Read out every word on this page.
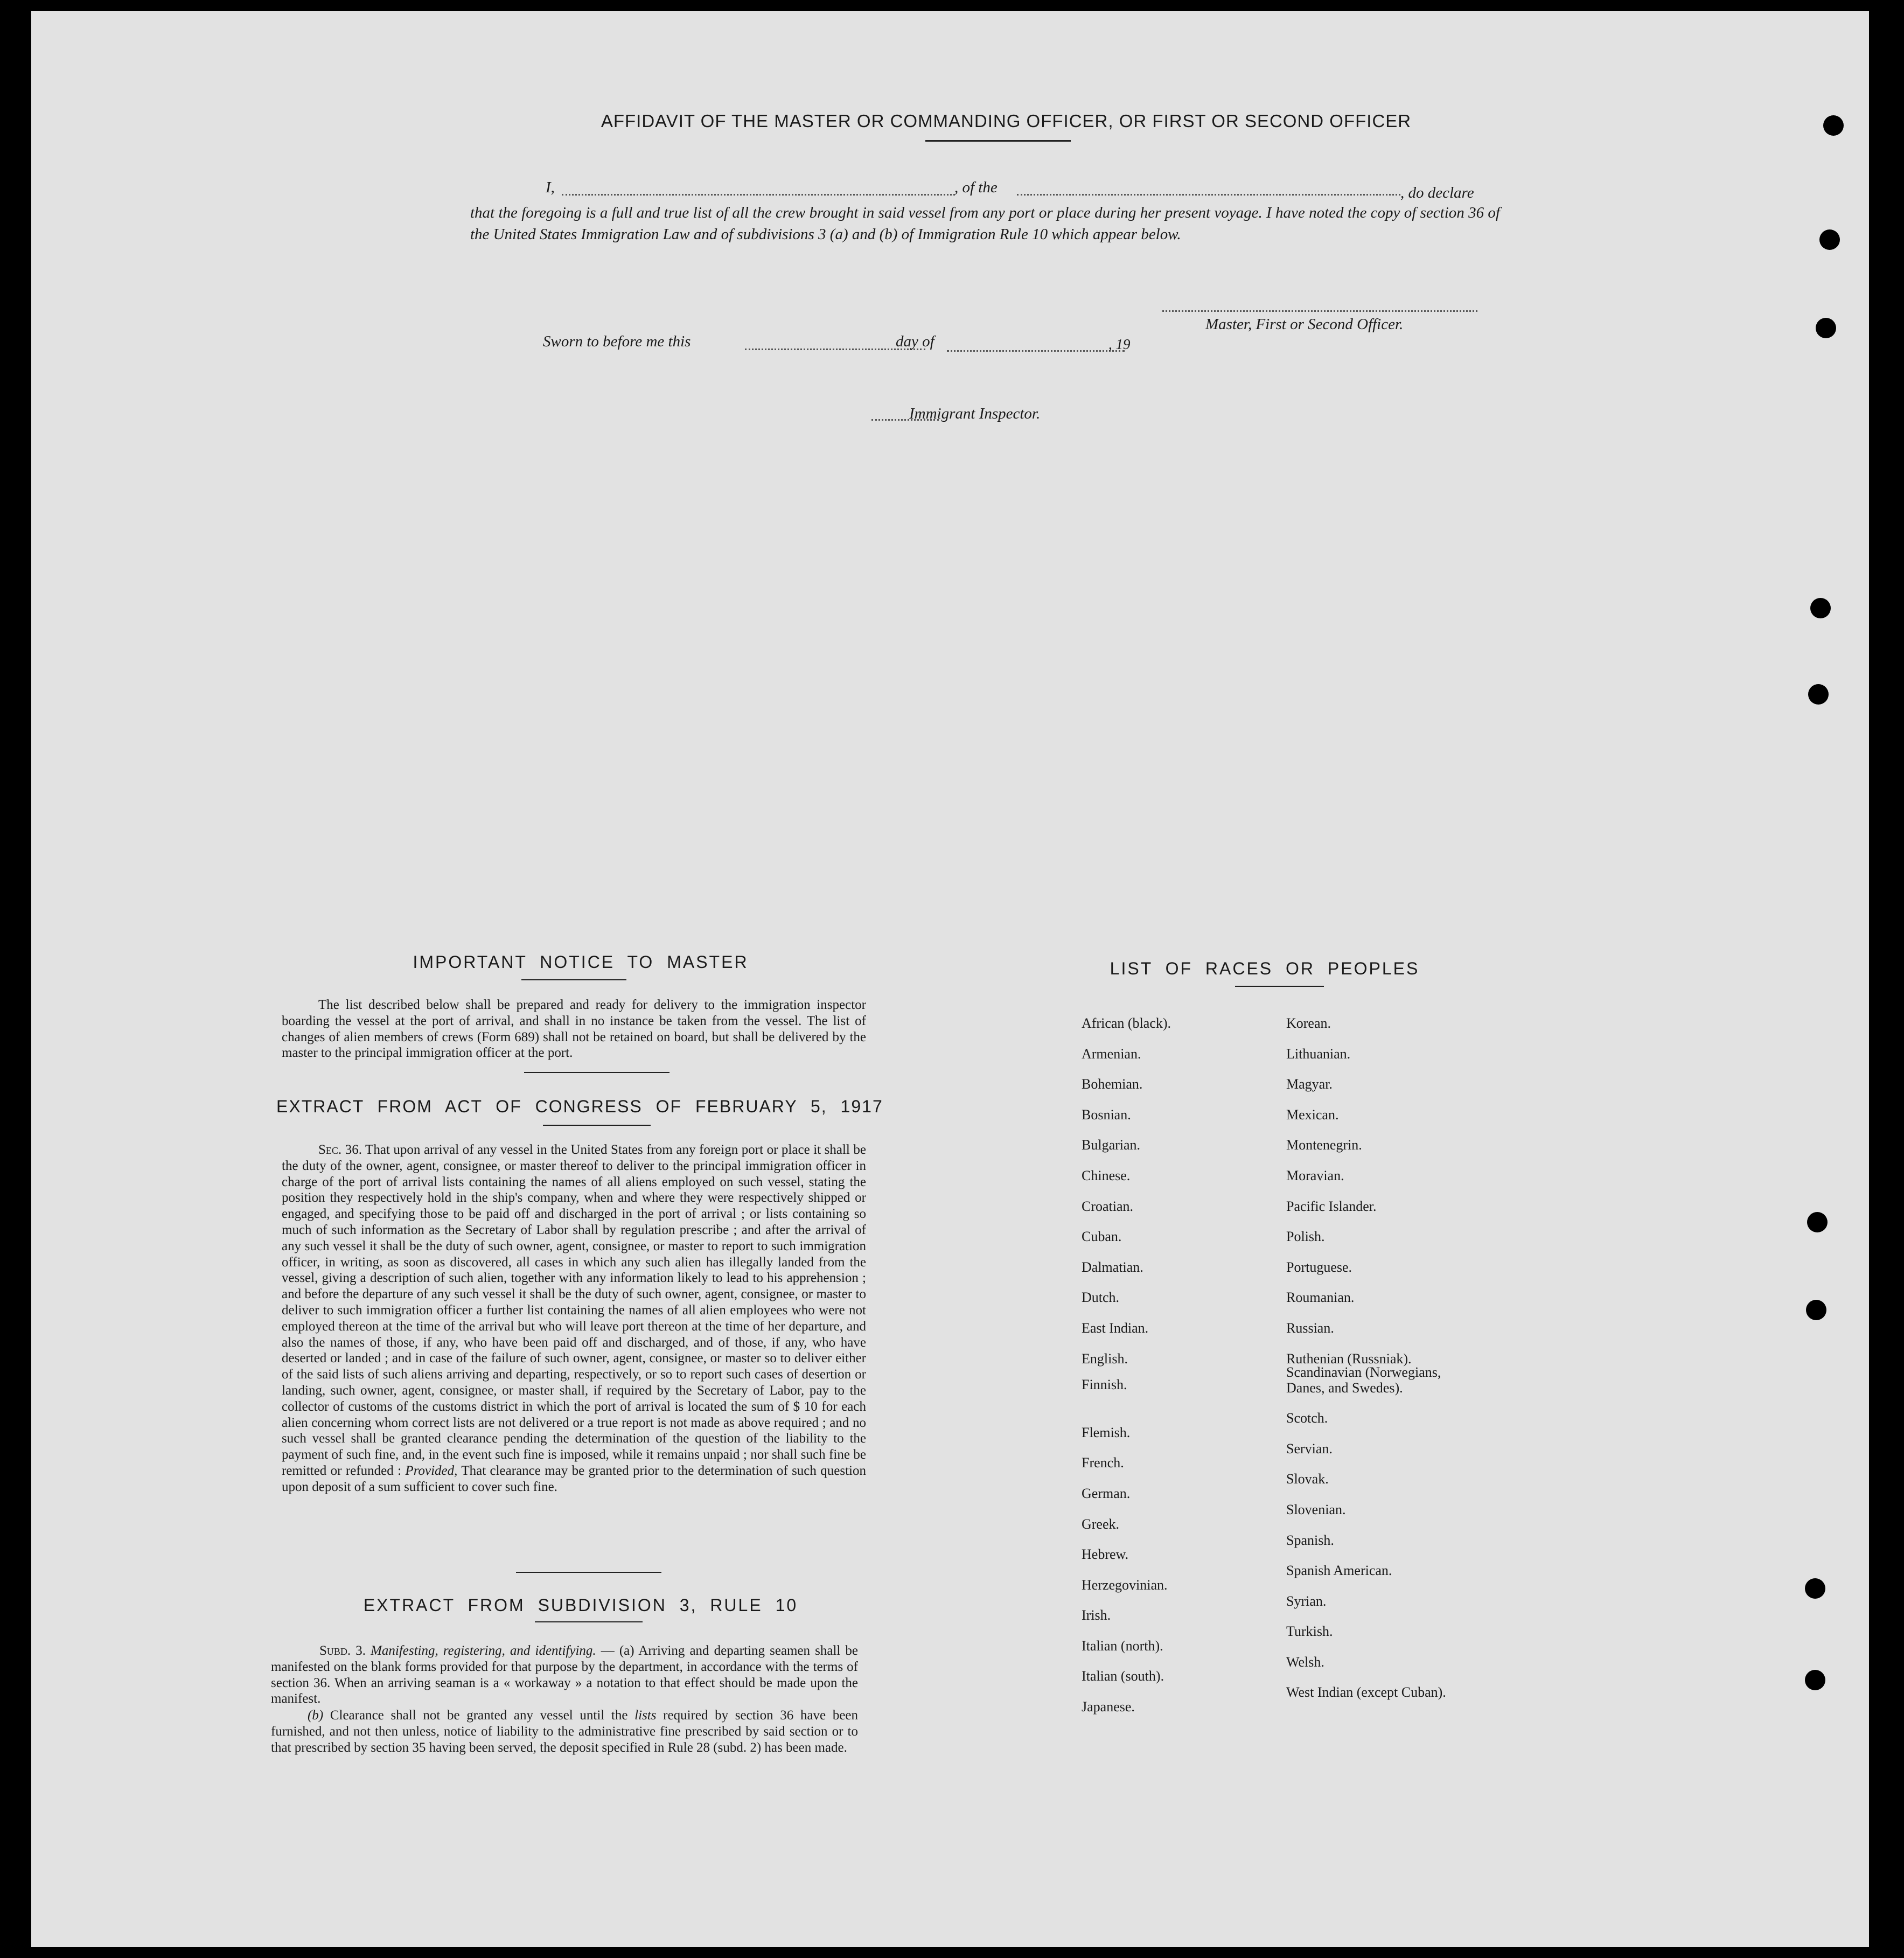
AFFIDAVIT OF THE MASTER OR COMMANDING OFFICER, OR FIRST OR SECOND OFFICER
I,	, of the	, do declare
that the foregoing is a full and true list of all the crew brought in said vessel from any port or place during her present voyage. I have noted the copy of section 36 of the United States Immigration Law and of subdivisions 3 (a) and (b) of Immigration Rule 10 which appear below.
Master, First or Second Officer.
Sworn to before me this	day of	, 19
Immigrant Inspector.
IMPORTANT NOTICE TO MASTER
The list described below shall be prepared and ready for delivery to the immigration inspector boarding the vessel at the port of arrival, and shall in no instance be taken from the vessel. The list of changes of alien members of crews (Form 689) shall not be retained on board, but shall be delivered by the master to the principal immigration officer at the port.
EXTRACT FROM ACT OF CONGRESS OF FEBRUARY 5, 1917
Sec. 36. That upon arrival of any vessel in the United States from any foreign port or place it shall be the duty of the owner, agent, consignee, or master thereof to deliver to the principal immigration officer in charge of the port of arrival lists containing the names of all aliens employed on such vessel, stating the position they respectively hold in the ship's company, when and where they were respectively shipped or engaged, and specifying those to be paid off and discharged in the port of arrival ; or lists containing so much of such information as the Secretary of Labor shall by regulation prescribe ; and after the arrival of any such vessel it shall be the duty of such owner, agent, consignee, or master to report to such immigration officer, in writing, as soon as discovered, all cases in which any such alien has illegally landed from the vessel, giving a description of such alien, together with any information likely to lead to his apprehension ; and before the departure of any such vessel it shall be the duty of such owner, agent, consignee, or master to deliver to such immigration officer a further list containing the names of all alien employees who were not employed thereon at the time of the arrival but who will leave port thereon at the time of her departure, and also the names of those, if any, who have been paid off and discharged, and of those, if any, who have deserted or landed ; and in case of the failure of such owner, agent, consignee, or master so to deliver either of the said lists of such aliens arriving and departing, respectively, or so to report such cases of desertion or landing, such owner, agent, consignee, or master shall, if required by the Secretary of Labor, pay to the collector of customs of the customs district in which the port of arrival is located the sum of $ 10 for each alien concerning whom correct lists are not delivered or a true report is not made as above required ; and no such vessel shall be granted clearance pending the determination of the question of the liability to the payment of such fine, and, in the event such fine is imposed, while it remains unpaid ; nor shall such fine be remitted or refunded : Provided, That clearance may be granted prior to the determination of such question upon deposit of a sum sufficient to cover such fine.
EXTRACT FROM SUBDIVISION 3, RULE 10
Subd. 3. Manifesting, registering, and identifying. — (a) Arriving and departing seamen shall be manifested on the blank forms provided for that purpose by the department, in accordance with the terms of section 36. When an arriving seaman is a « workaway » a notation to that effect should be made upon the manifest.
(b) Clearance shall not be granted any vessel until the lists required by section 36 have been furnished, and not then unless, notice of liability to the administrative fine prescribed by said section or to that prescribed by section 35 having been served, the deposit specified in Rule 28 (subd. 2) has been made.
LIST OF RACES OR PEOPLES
African (black).
Armenian.
Bohemian.
Bosnian.
Bulgarian.
Chinese.
Croatian.
Cuban.
Dalmatian.
Dutch.
East Indian.
English.
Finnish.
Flemish.
French.
German.
Greek.
Hebrew.
Herzegovinian.
Irish.
Italian (north).
Italian (south).
Japanese.
Korean.
Lithuanian.
Magyar.
Mexican.
Montenegrin.
Moravian.
Pacific Islander.
Polish.
Portuguese.
Roumanian.
Russian.
Ruthenian (Russniak).
Scandinavian (Norwegians, Danes, and Swedes).
Scotch.
Servian.
Slovak.
Slovenian.
Spanish.
Spanish American.
Syrian.
Turkish.
Welsh.
West Indian (except Cuban).
